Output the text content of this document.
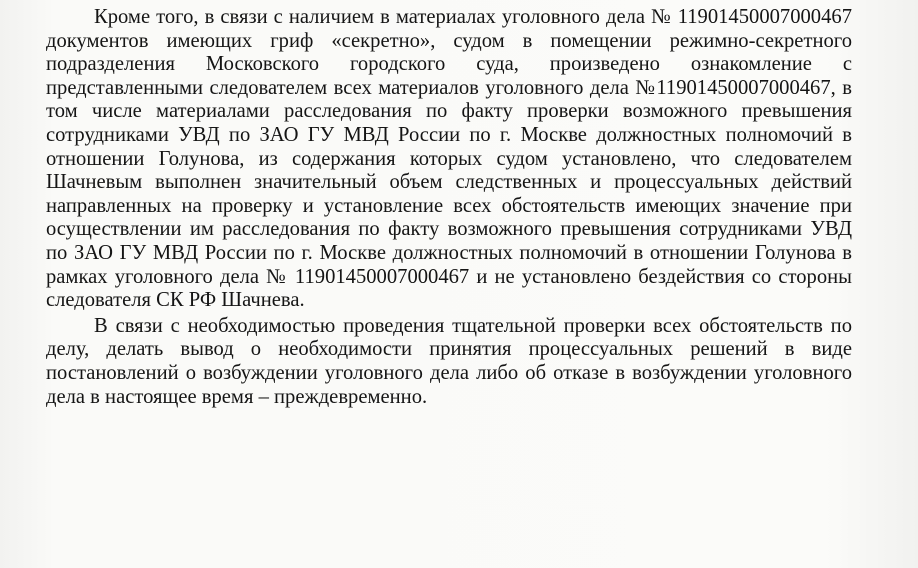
Кроме того, в связи с наличием в материалах уголовного дела № 11901450007000467 документов имеющих гриф «секретно», судом в помещении режимно-секретного подразделения Московского городского суда, произведено ознакомление с представленными следователем всех материалов уголовного дела №11901450007000467, в том числе материалами расследования по факту проверки возможного превышения сотрудниками УВД по ЗАО ГУ МВД России по г. Москве должностных полномочий в отношении Голунова, из содержания которых судом установлено, что следователем Шачневым выполнен значительный объем следственных и процессуальных действий направленных на проверку и установление всех обстоятельств имеющих значение при осуществлении им расследования по факту возможного превышения сотрудниками УВД по ЗАО ГУ МВД России по г. Москве должностных полномочий в отношении Голунова в рамках уголовного дела № 11901450007000467 и не установлено бездействия со стороны следователя СК РФ Шачнева.

В связи с необходимостью проведения тщательной проверки всех обстоятельств по делу, делать вывод о необходимости принятия процессуальных решений в виде постановлений о возбуждении уголовного дела либо об отказе в возбуждении уголовного дела в настоящее время – преждевременно.
